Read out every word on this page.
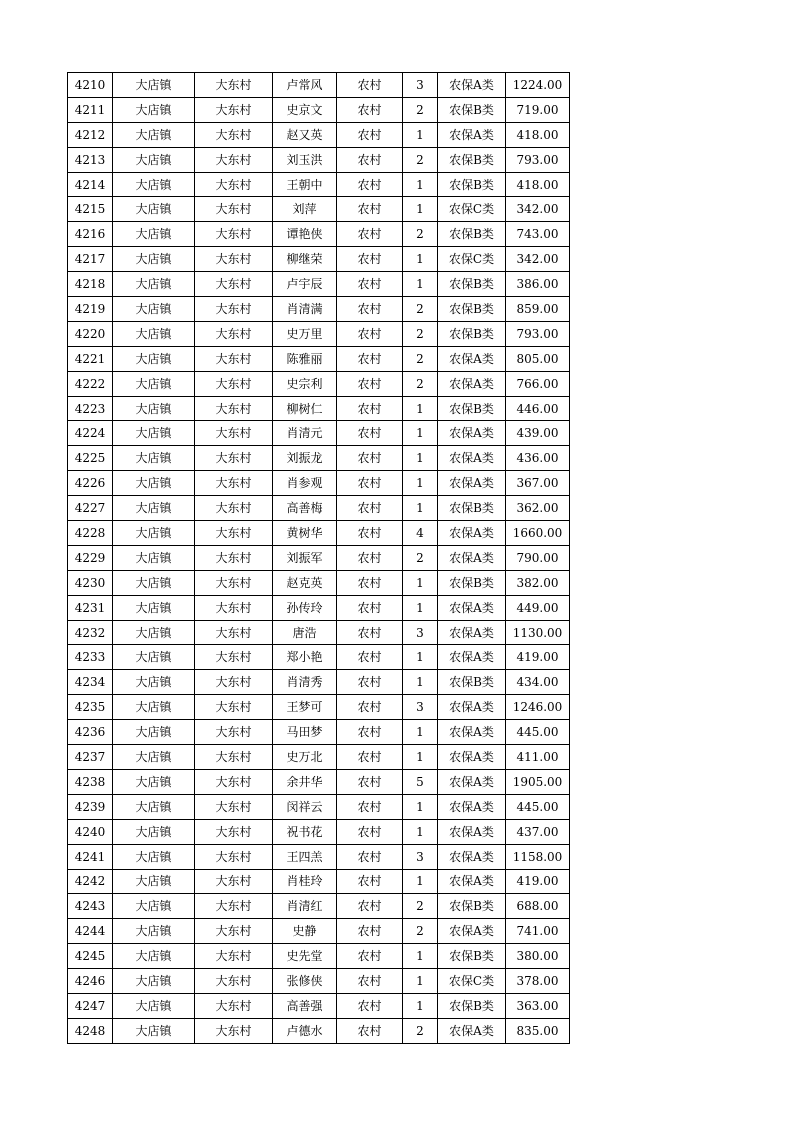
4210	大店镇	大东村	卢常风	农村	3	农保A类	1224.00
4211	大店镇	大东村	史京文	农村	2	农保B类	719.00
4212	大店镇	大东村	赵又英	农村	1	农保A类	418.00
4213	大店镇	大东村	刘玉洪	农村	2	农保B类	793.00
4214	大店镇	大东村	王朝中	农村	1	农保B类	418.00
4215	大店镇	大东村	刘萍	农村	1	农保C类	342.00
4216	大店镇	大东村	谭艳侠	农村	2	农保B类	743.00
4217	大店镇	大东村	柳继荣	农村	1	农保C类	342.00
4218	大店镇	大东村	卢宇辰	农村	1	农保B类	386.00
4219	大店镇	大东村	肖清满	农村	2	农保B类	859.00
4220	大店镇	大东村	史万里	农村	2	农保B类	793.00
4221	大店镇	大东村	陈雅丽	农村	2	农保A类	805.00
4222	大店镇	大东村	史宗利	农村	2	农保A类	766.00
4223	大店镇	大东村	柳树仁	农村	1	农保B类	446.00
4224	大店镇	大东村	肖清元	农村	1	农保A类	439.00
4225	大店镇	大东村	刘振龙	农村	1	农保A类	436.00
4226	大店镇	大东村	肖参观	农村	1	农保A类	367.00
4227	大店镇	大东村	高善梅	农村	1	农保B类	362.00
4228	大店镇	大东村	黄树华	农村	4	农保A类	1660.00
4229	大店镇	大东村	刘振军	农村	2	农保A类	790.00
4230	大店镇	大东村	赵克英	农村	1	农保B类	382.00
4231	大店镇	大东村	孙传玲	农村	1	农保A类	449.00
4232	大店镇	大东村	唐浩	农村	3	农保A类	1130.00
4233	大店镇	大东村	郑小艳	农村	1	农保A类	419.00
4234	大店镇	大东村	肖清秀	农村	1	农保B类	434.00
4235	大店镇	大东村	王梦可	农村	3	农保A类	1246.00
4236	大店镇	大东村	马田梦	农村	1	农保A类	445.00
4237	大店镇	大东村	史万北	农村	1	农保A类	411.00
4238	大店镇	大东村	余井华	农村	5	农保A类	1905.00
4239	大店镇	大东村	闵祥云	农村	1	农保A类	445.00
4240	大店镇	大东村	祝书花	农村	1	农保A类	437.00
4241	大店镇	大东村	王四羔	农村	3	农保A类	1158.00
4242	大店镇	大东村	肖桂玲	农村	1	农保A类	419.00
4243	大店镇	大东村	肖清红	农村	2	农保B类	688.00
4244	大店镇	大东村	史静	农村	2	农保A类	741.00
4245	大店镇	大东村	史先堂	农村	1	农保B类	380.00
4246	大店镇	大东村	张修侠	农村	1	农保C类	378.00
4247	大店镇	大东村	高善强	农村	1	农保B类	363.00
4248	大店镇	大东村	卢德水	农村	2	农保A类	835.00
